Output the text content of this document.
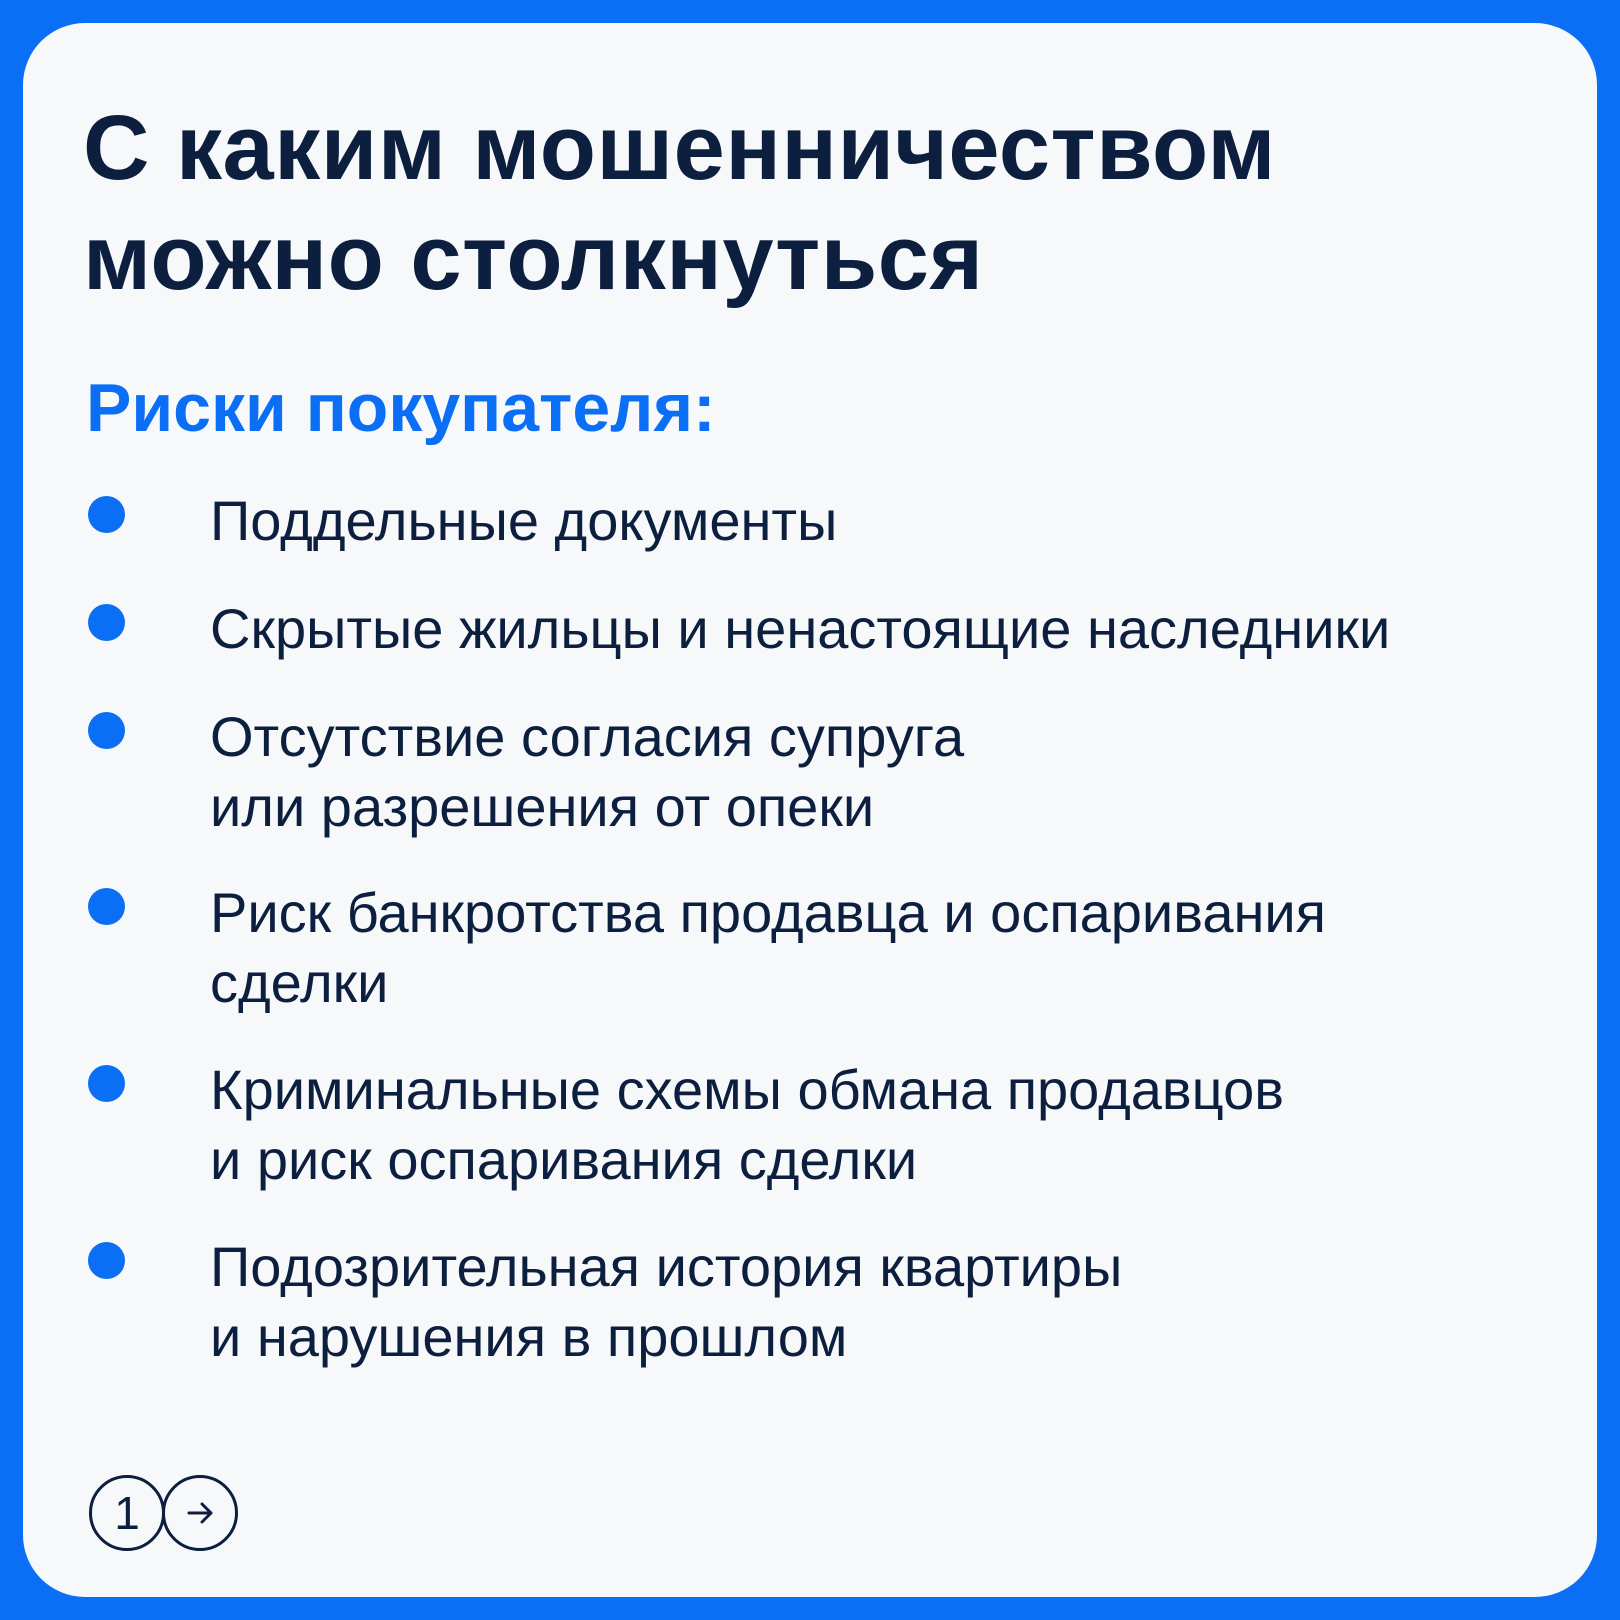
С каким мошенничеством
можно столкнуться
Риски покупателя:
Поддельные документы
Скрытые жильцы и ненастоящие наследники
Отсутствие согласия супруга
или разрешения от опеки
Риск банкротства продавца и оспаривания
сделки
Криминальные схемы обмана продавцов
и риск оспаривания сделки
Подозрительная история квартиры
и нарушения в прошлом
1
